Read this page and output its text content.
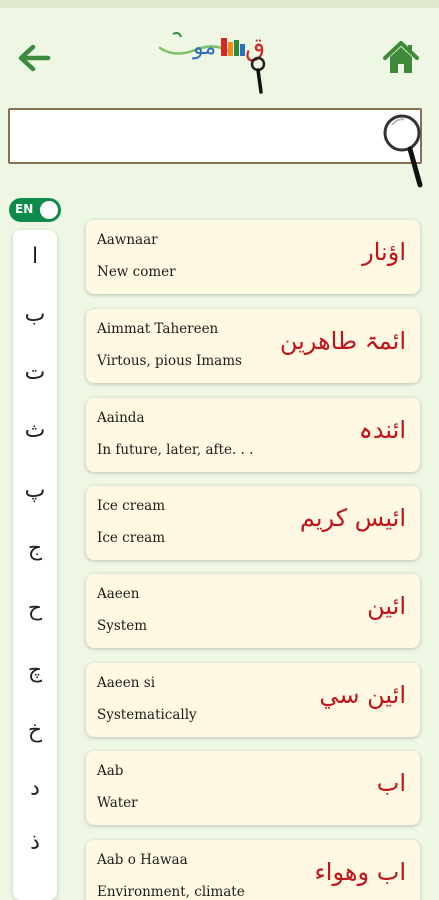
مو ق
EN
ا
ب
ت
ث
پ
ج
ح
چ
خ
د
ذ
Aawnaar
New comer
اؤنار
Aimmat Tahereen
Virtous, pious Imams
ائمۃ طاھرین
Aainda
In future, later, afte. . .
ائندہ
Ice cream
Ice cream
ائیس کریم
Aaeen
System
ائین
Aaeen si
Systematically
ائین سي
Aab
Water
اب
Aab o Hawaa
Environment, climate
اب وھواء
